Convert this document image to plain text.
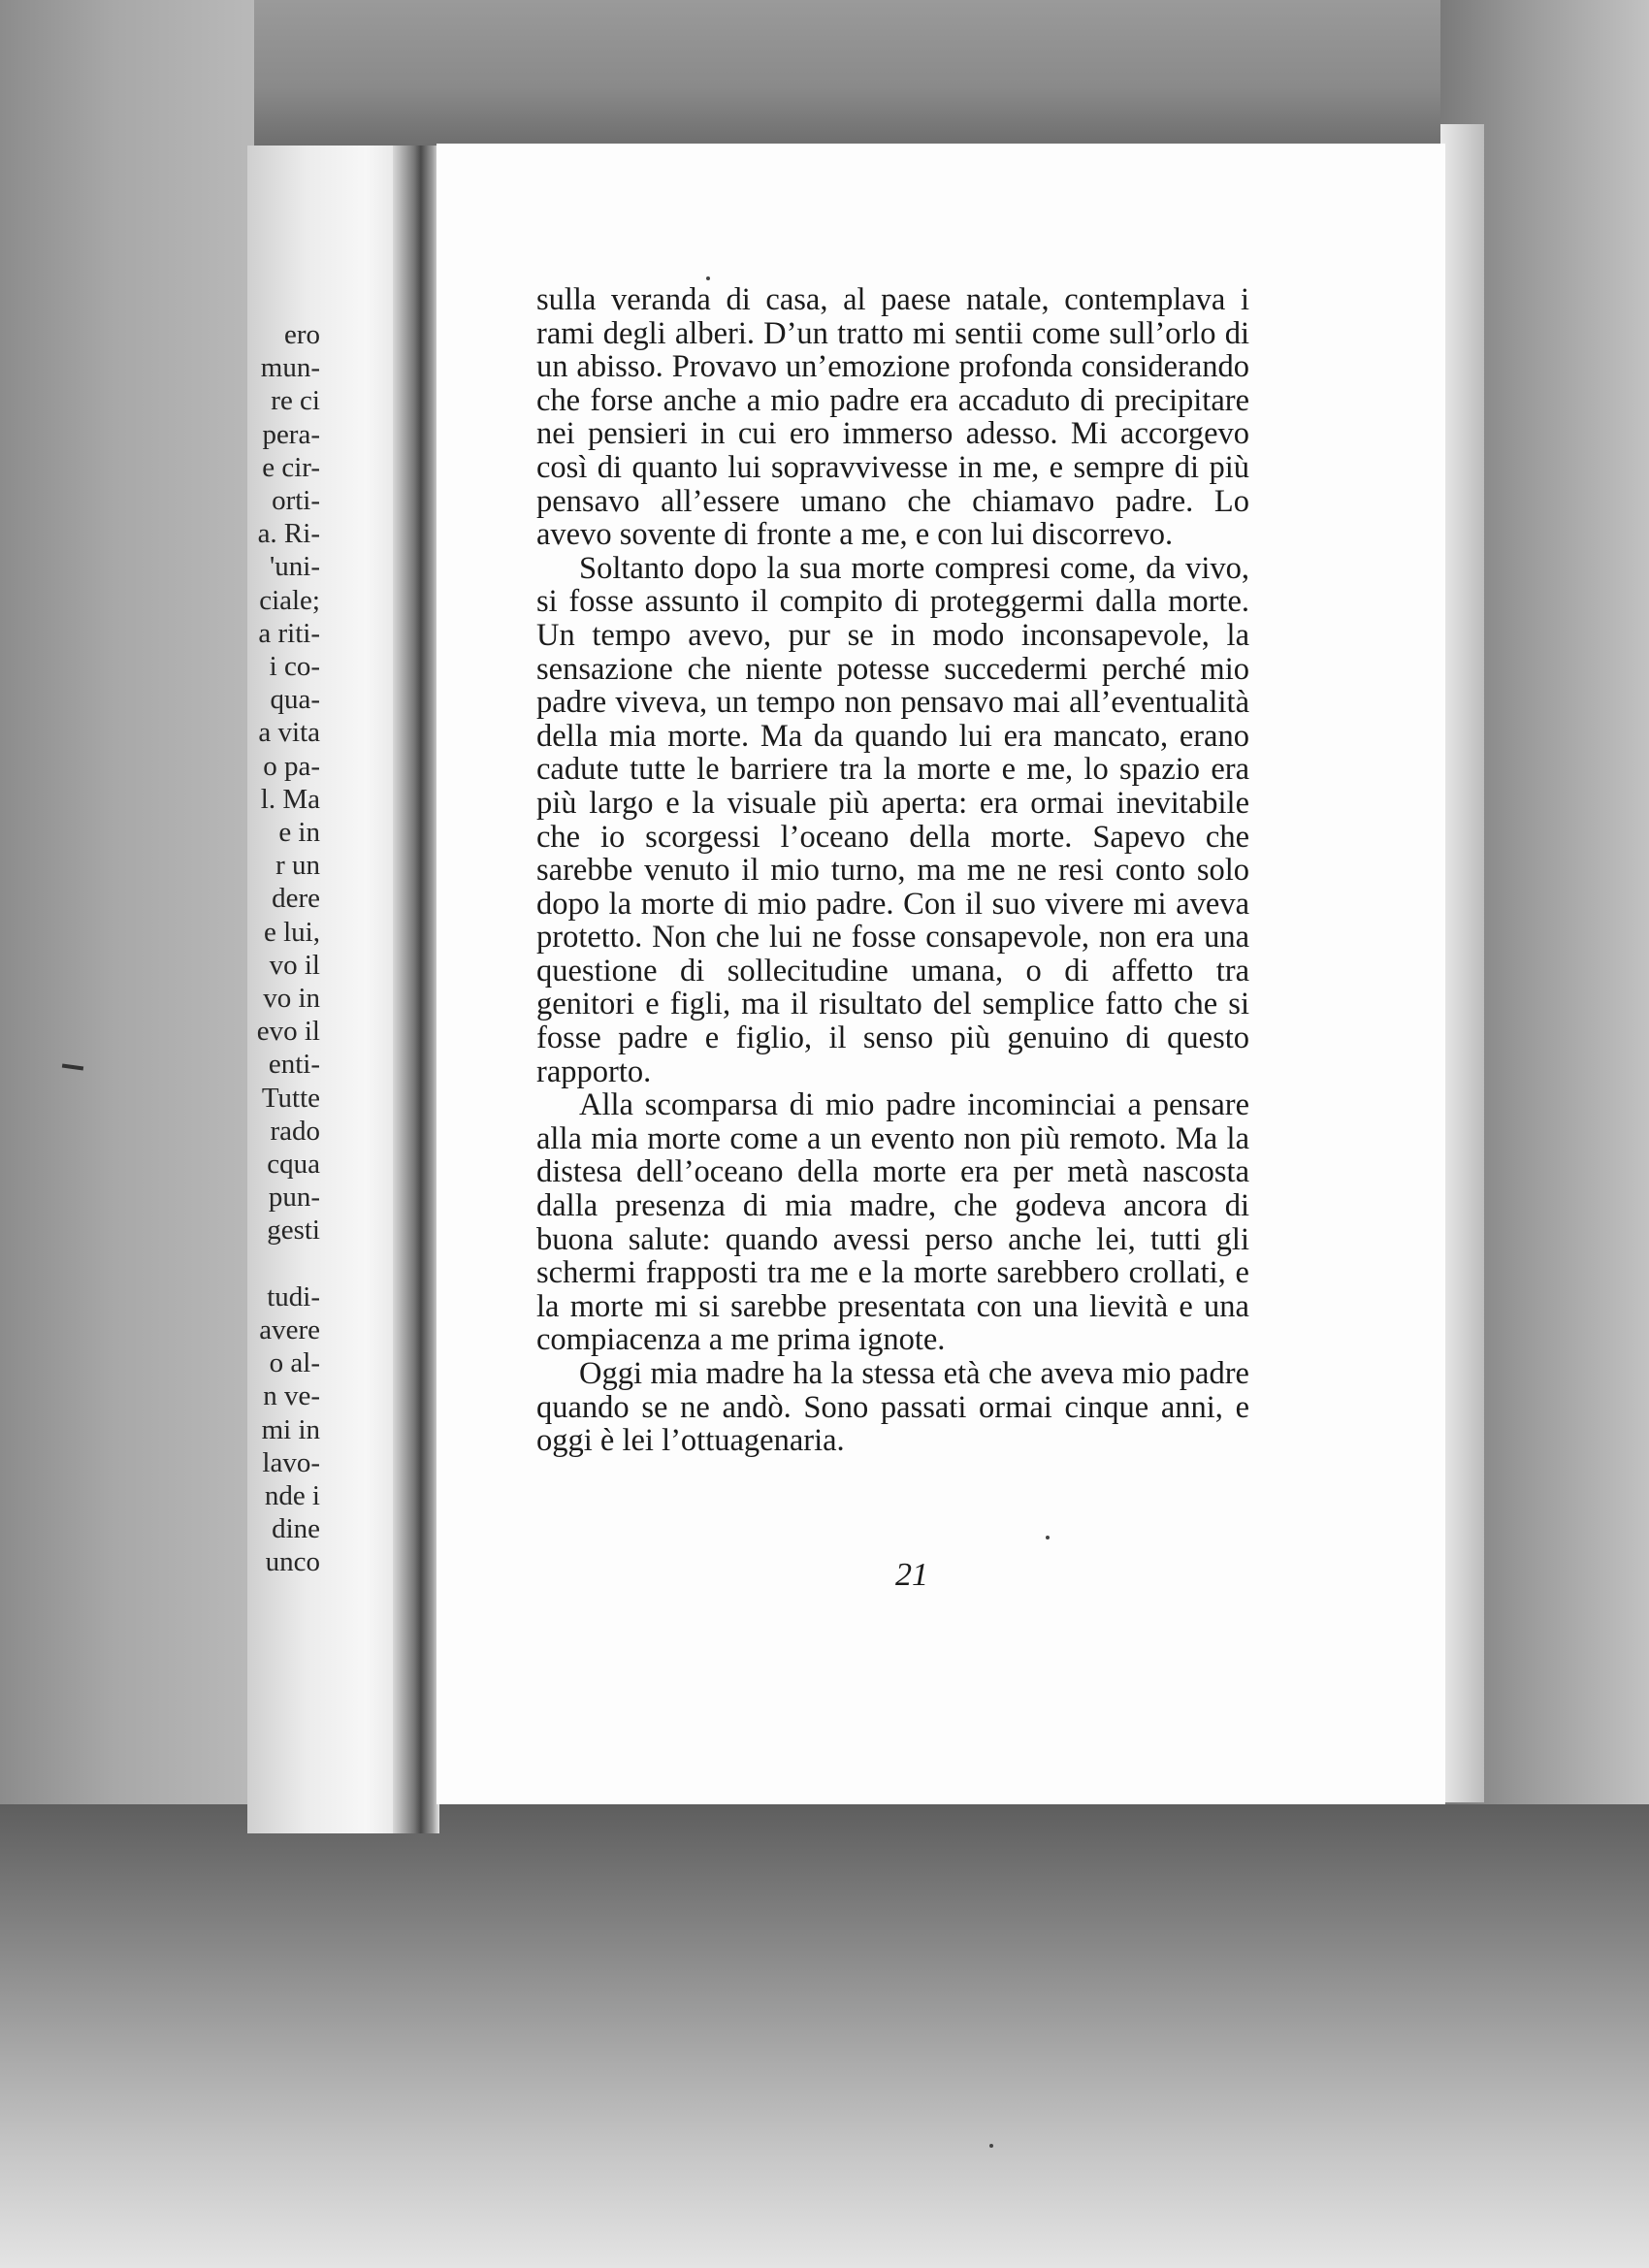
ero
mun-
re ci
pera-
e cir-
orti-
a. Ri-
'uni-
ciale;
a riti-
i co-
qua-
a vita
o pa-
l. Ma
e in
r un
dere
e lui,
vo il
vo in
evo il
enti-
Tutte
rado
cqua
pun-
gesti
tudi-
avere
o al-
n ve-
mi in
lavo-
nde i
dine
unco

sulla veranda di casa, al paese natale, contemplava i rami degli alberi. D’un tratto mi sentii come sull’orlo di un abisso. Provavo un’emozione profonda considerando che forse anche a mio padre era accaduto di precipitare nei pensieri in cui ero immerso adesso. Mi accorgevo così di quanto lui sopravvivesse in me, e sempre di più pensavo all’essere umano che chiamavo padre. Lo avevo sovente di fronte a me, e con lui discorrevo.

Soltanto dopo la sua morte compresi come, da vivo, si fosse assunto il compito di proteggermi dalla morte. Un tempo avevo, pur se in modo inconsapevole, la sensazione che niente potesse succedermi perché mio padre viveva, un tempo non pensavo mai all’eventualità della mia morte. Ma da quando lui era mancato, erano cadute tutte le barriere tra la morte e me, lo spazio era più largo e la visuale più aperta: era ormai inevitabile che io scorgessi l’oceano della morte. Sapevo che sarebbe venuto il mio turno, ma me ne resi conto solo dopo la morte di mio padre. Con il suo vivere mi aveva protetto. Non che lui ne fosse consapevole, non era una questione di sollecitudine umana, o di affetto tra genitori e figli, ma il risultato del semplice fatto che si fosse padre e figlio, il senso più genuino di questo rapporto.

Alla scomparsa di mio padre incominciai a pensare alla mia morte come a un evento non più remoto. Ma la distesa dell’oceano della morte era per metà nascosta dalla presenza di mia madre, che godeva ancora di buona salute: quando avessi perso anche lei, tutti gli schermi frapposti tra me e la morte sarebbero crollati, e la morte mi si sarebbe presentata con una lievità e una compiacenza a me prima ignote.

Oggi mia madre ha la stessa età che aveva mio padre quando se ne andò. Sono passati ormai cinque anni, e oggi è lei l’ottuagenaria.

21
